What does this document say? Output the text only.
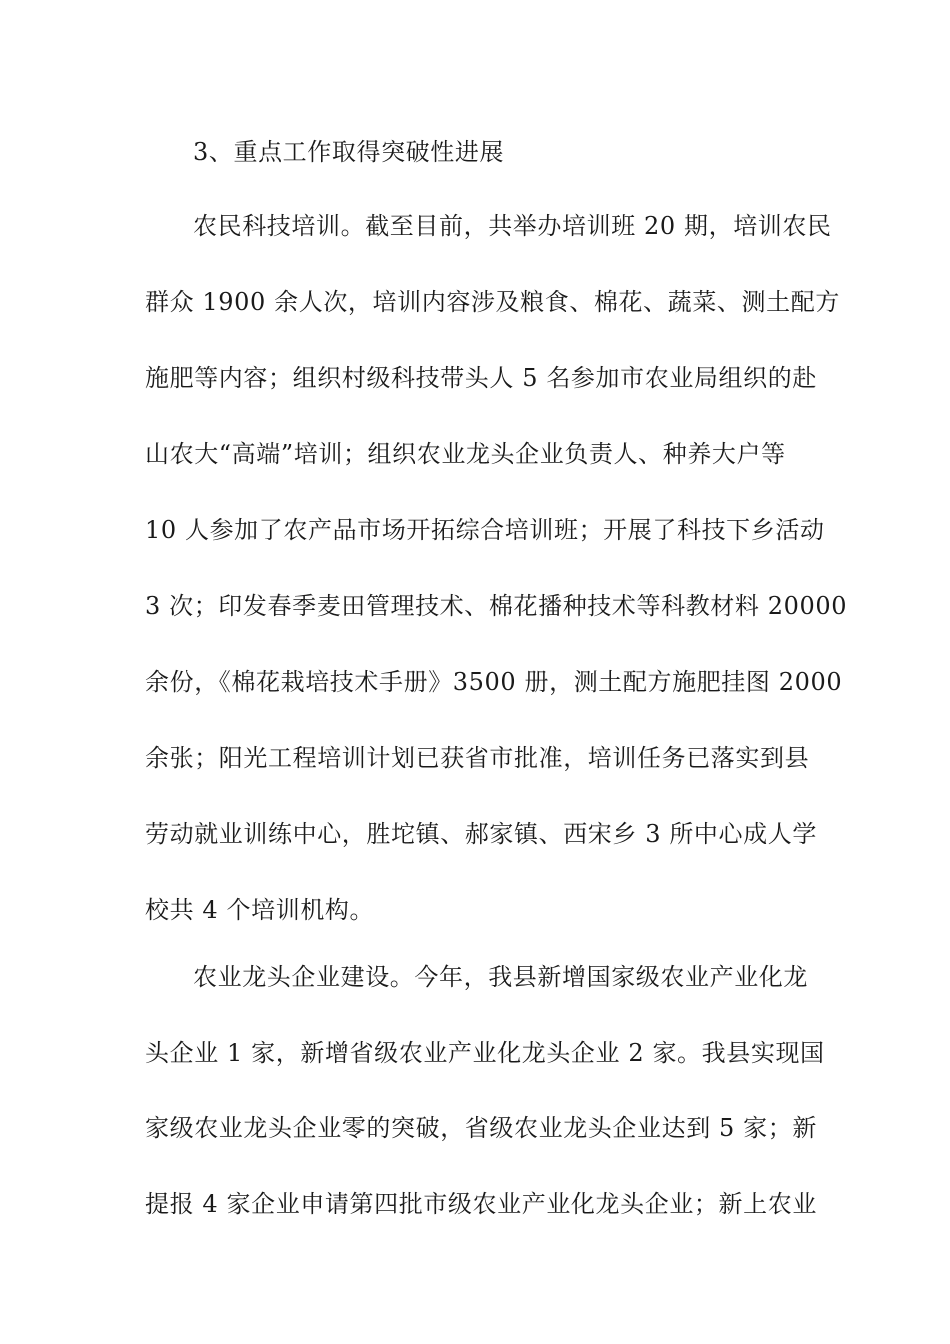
3、重点工作取得突破性进展
农民科技培训。截至目前，共举办培训班 20 期，培训农民
群众 1900 余人次，培训内容涉及粮食、棉花、蔬菜、测土配方
施肥等内容；组织村级科技带头人 5 名参加市农业局组织的赴
山农大“高端”培训；组织农业龙头企业负责人、种养大户等
10 人参加了农产品市场开拓综合培训班；开展了科技下乡活动
3 次；印发春季麦田管理技术、棉花播种技术等科教材料 20000
余份，《棉花栽培技术手册》3500 册，测土配方施肥挂图 2000
余张；阳光工程培训计划已获省市批准，培训任务已落实到县
劳动就业训练中心，胜坨镇、郝家镇、西宋乡 3 所中心成人学
校共 4 个培训机构。
农业龙头企业建设。今年，我县新增国家级农业产业化龙
头企业 1 家，新增省级农业产业化龙头企业 2 家。我县实现国
家级农业龙头企业零的突破，省级农业龙头企业达到 5 家；新
提报 4 家企业申请第四批市级农业产业化龙头企业；新上农业
